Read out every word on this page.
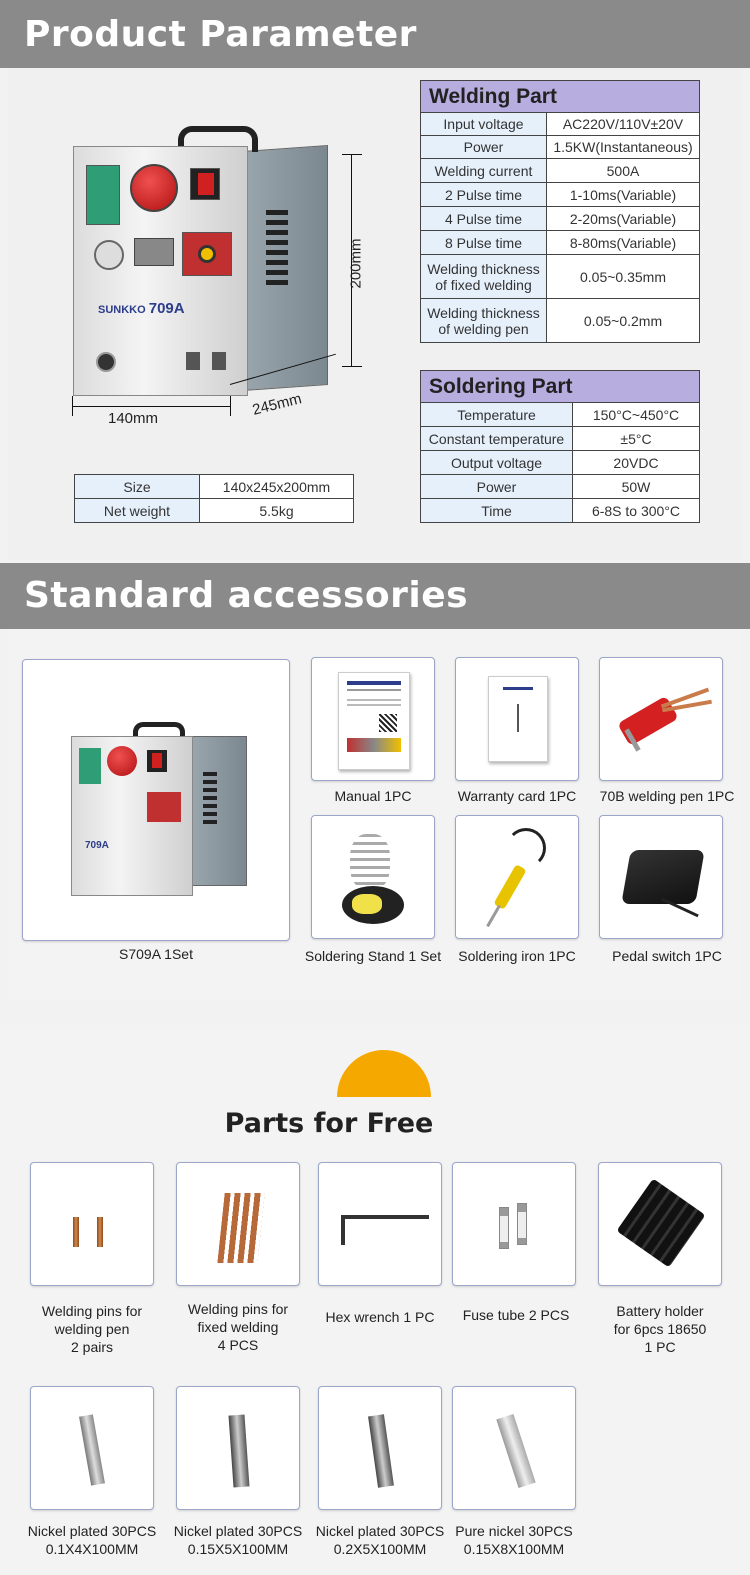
Product Parameter
SUNKKO 709A
200mm
140mm	245mm
Size	140x245x200mm
Net weight	5.5kg
Welding Part	
Input voltage	AC220V/110V±20V
Power	1.5KW(Instantaneous)
Welding current	500A
2 Pulse time	1-10ms(Variable)
4 Pulse time	2-20ms(Variable)
8 Pulse time	8-80ms(Variable)
Welding thickness of fixed welding	0.05~0.35mm
Welding thickness of welding pen	0.05~0.2mm
Soldering Part	
Temperature	150°C~450°C
Constant temperature	±5°C
Output voltage	20VDC
Power	50W
Time	6-8S to 300°C
Standard accessories
709A
S709A 1Set
Manual 1PC	Warranty card 1PC	70B welding pen 1PC
Soldering Stand 1 Set	Soldering iron 1PC	Pedal switch 1PC
Parts for Free
Welding pins for
welding pen
2 pairs
Welding pins for
fixed welding
4 PCS
Hex wrench 1 PC	Fuse tube 2 PCS	Battery holder
for 6pcs 18650
1 PC
Nickel plated 30PCS
0.1X4X100MM
Nickel plated 30PCS
0.15X5X100MM
Nickel plated 30PCS
0.2X5X100MM
Pure nickel 30PCS
0.15X8X100MM
